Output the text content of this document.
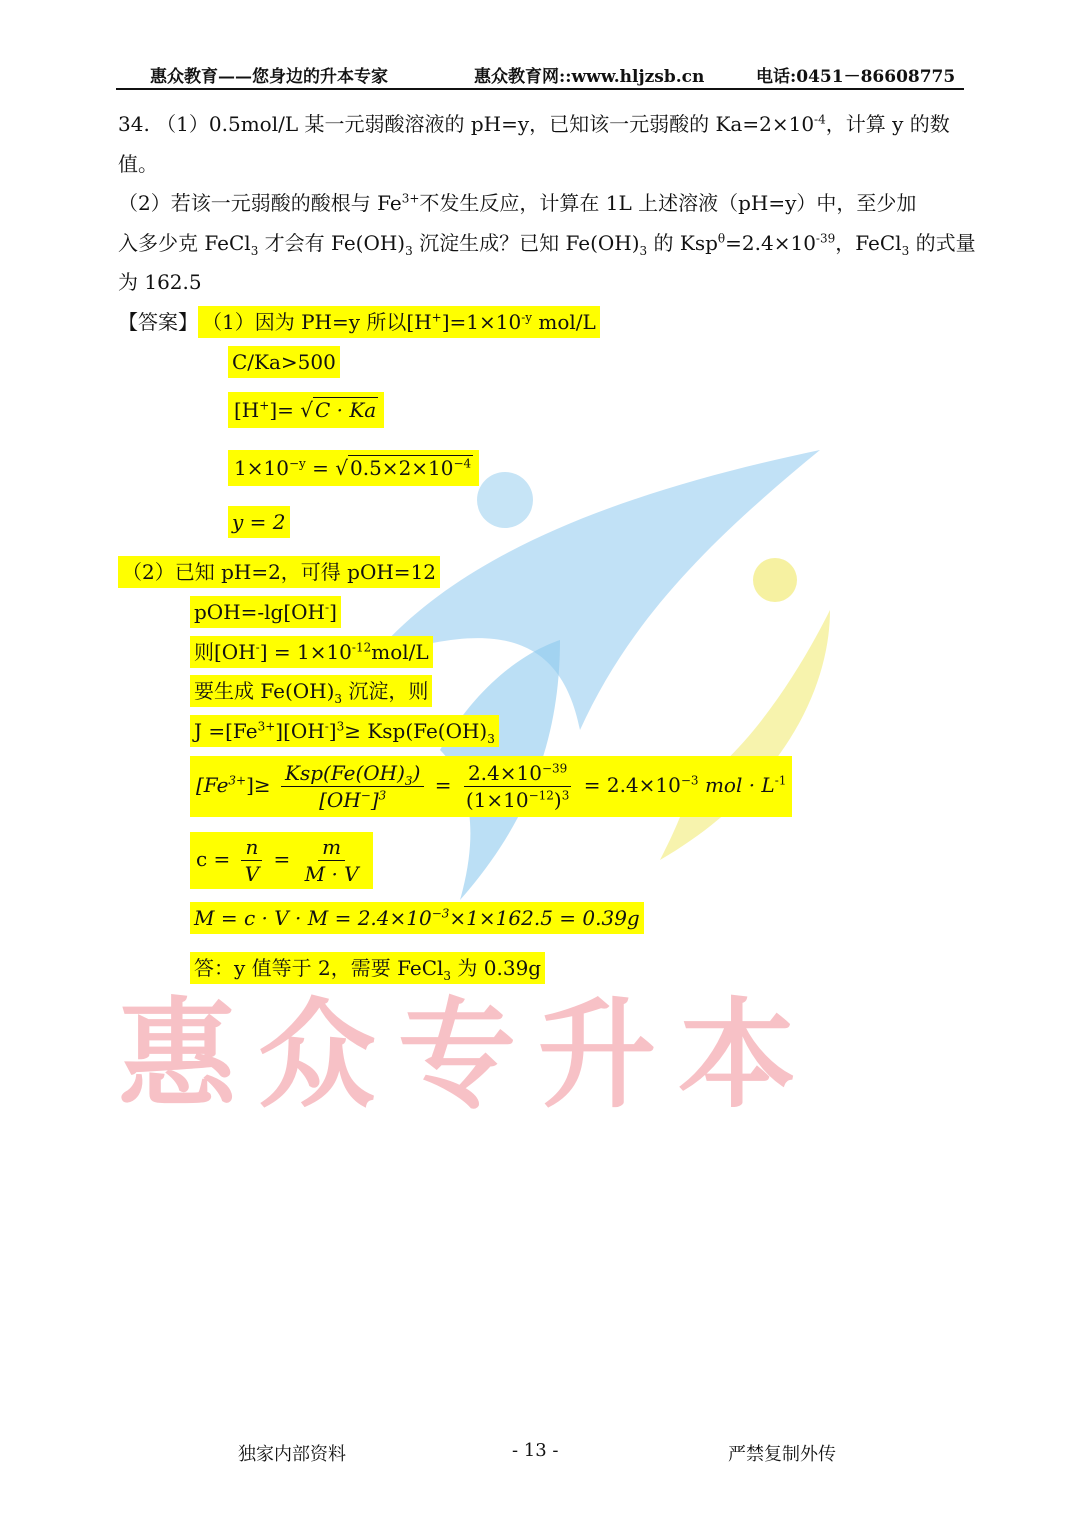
惠众专升本
惠众教育——您身边的升本专家	惠众教育网::www.hljzsb.cn	电话:0451－86608775
34. （1）0.5mol/L 某一元弱酸溶液的 pH=y，已知该一元弱酸的 $Ka=2\times 10^{-4}$，计算 y 的数
值。
（2）若该一元弱酸的酸根与 $Fe^{3+}$不发生反应，计算在 1L 上述溶液（pH=y）中，至少加
入多少克 FeCl$_3$ 才会有 $Fe(OH)_3$ 沉淀生成？已知 $Fe(OH)_3$ 的 $Ksp^\theta=2.4\times 10^{-39}$，FeCl$_3$ 的式量
为 162.5
【答案】 （1）因为 PH=y 所以$[H^+]=1\times 10^{-y}$ mol/L
C/Ka>500
[H+]= √ C · Ka
$1\times 10^{-y}$ = √ $0.5\times 2\times 10^{-4}$
y = 2
（2）已知 pH=2，可得 pOH=12
pOH=-lg[OH-]
则$[OH^-] = 1\times 10^{-12}mol/L$
要生成 $Fe(OH)_3$ 沉淀，则
$J =[Fe^{3+}][OH^-]^3\ge Ksp(Fe(OH)_3$
$[Fe^{3+}]\ge \frac{Ksp(Fe(OH)_3)}{[OH^-]^3} = \frac{2.4\times 10^{-39}}{(1\times 10^{-12})^3} = 2.4\times 10^{-3}$ mol · $L^{-1}$
$c = \frac{n}{V} = \frac{m}{M \cdot V}$
$M = c \cdot V \cdot M = 2.4\times 10^{-3}\times 1\times 162.5 = 0.39g$
答：y 值等于 2，需要 FeCl$_3$ 为 0.39g
独家内部资料	- 13 -	严禁复制外传
